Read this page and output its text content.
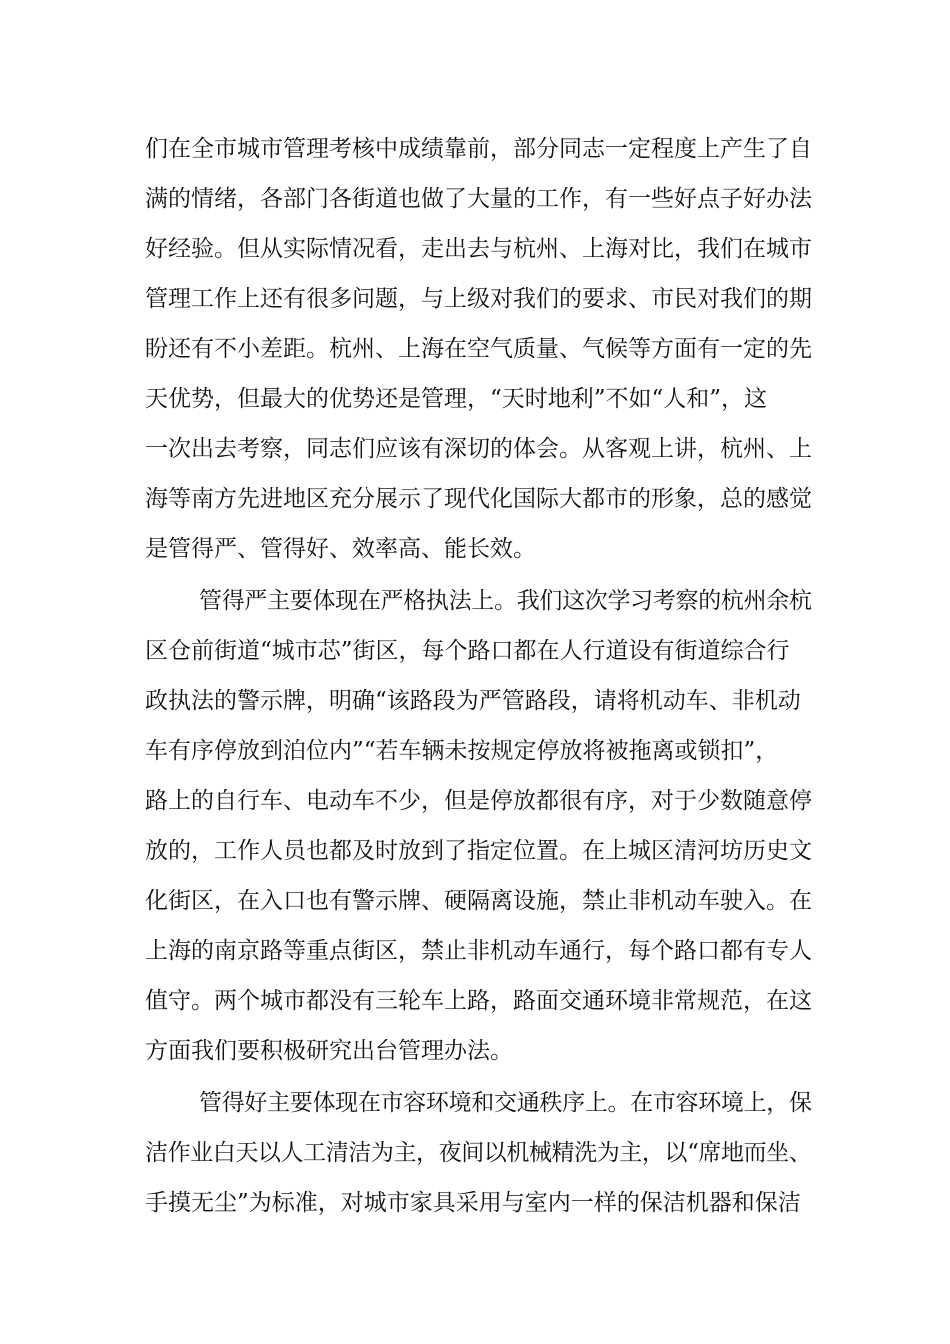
们在全市城市管理考核中成绩靠前，部分同志一定程度上产生了自
满的情绪，各部门各街道也做了大量的工作，有一些好点子好办法
好经验。但从实际情况看，走出去与杭州、上海对比，我们在城市
管理工作上还有很多问题，与上级对我们的要求、市民对我们的期
盼还有不小差距。杭州、上海在空气质量、气候等方面有一定的先
天优势，但最大的优势还是管理，“天时地利”不如“人和”，这
一次出去考察，同志们应该有深切的体会。从客观上讲，杭州、上
海等南方先进地区充分展示了现代化国际大都市的形象，总的感觉
是管得严、管得好、效率高、能长效。
管得严主要体现在严格执法上。我们这次学习考察的杭州余杭
区仓前街道“城市芯”街区，每个路口都在人行道设有街道综合行
政执法的警示牌，明确“该路段为严管路段，请将机动车、非机动
车有序停放到泊位内”“若车辆未按规定停放将被拖离或锁扣”，
路上的自行车、电动车不少，但是停放都很有序，对于少数随意停
放的，工作人员也都及时放到了指定位置。在上城区清河坊历史文
化街区，在入口也有警示牌、硬隔离设施，禁止非机动车驶入。在
上海的南京路等重点街区，禁止非机动车通行，每个路口都有专人
值守。两个城市都没有三轮车上路，路面交通环境非常规范，在这
方面我们要积极研究出台管理办法。
管得好主要体现在市容环境和交通秩序上。在市容环境上，保
洁作业白天以人工清洁为主，夜间以机械精洗为主，以“席地而坐、
手摸无尘”为标准，对城市家具采用与室内一样的保洁机器和保洁
